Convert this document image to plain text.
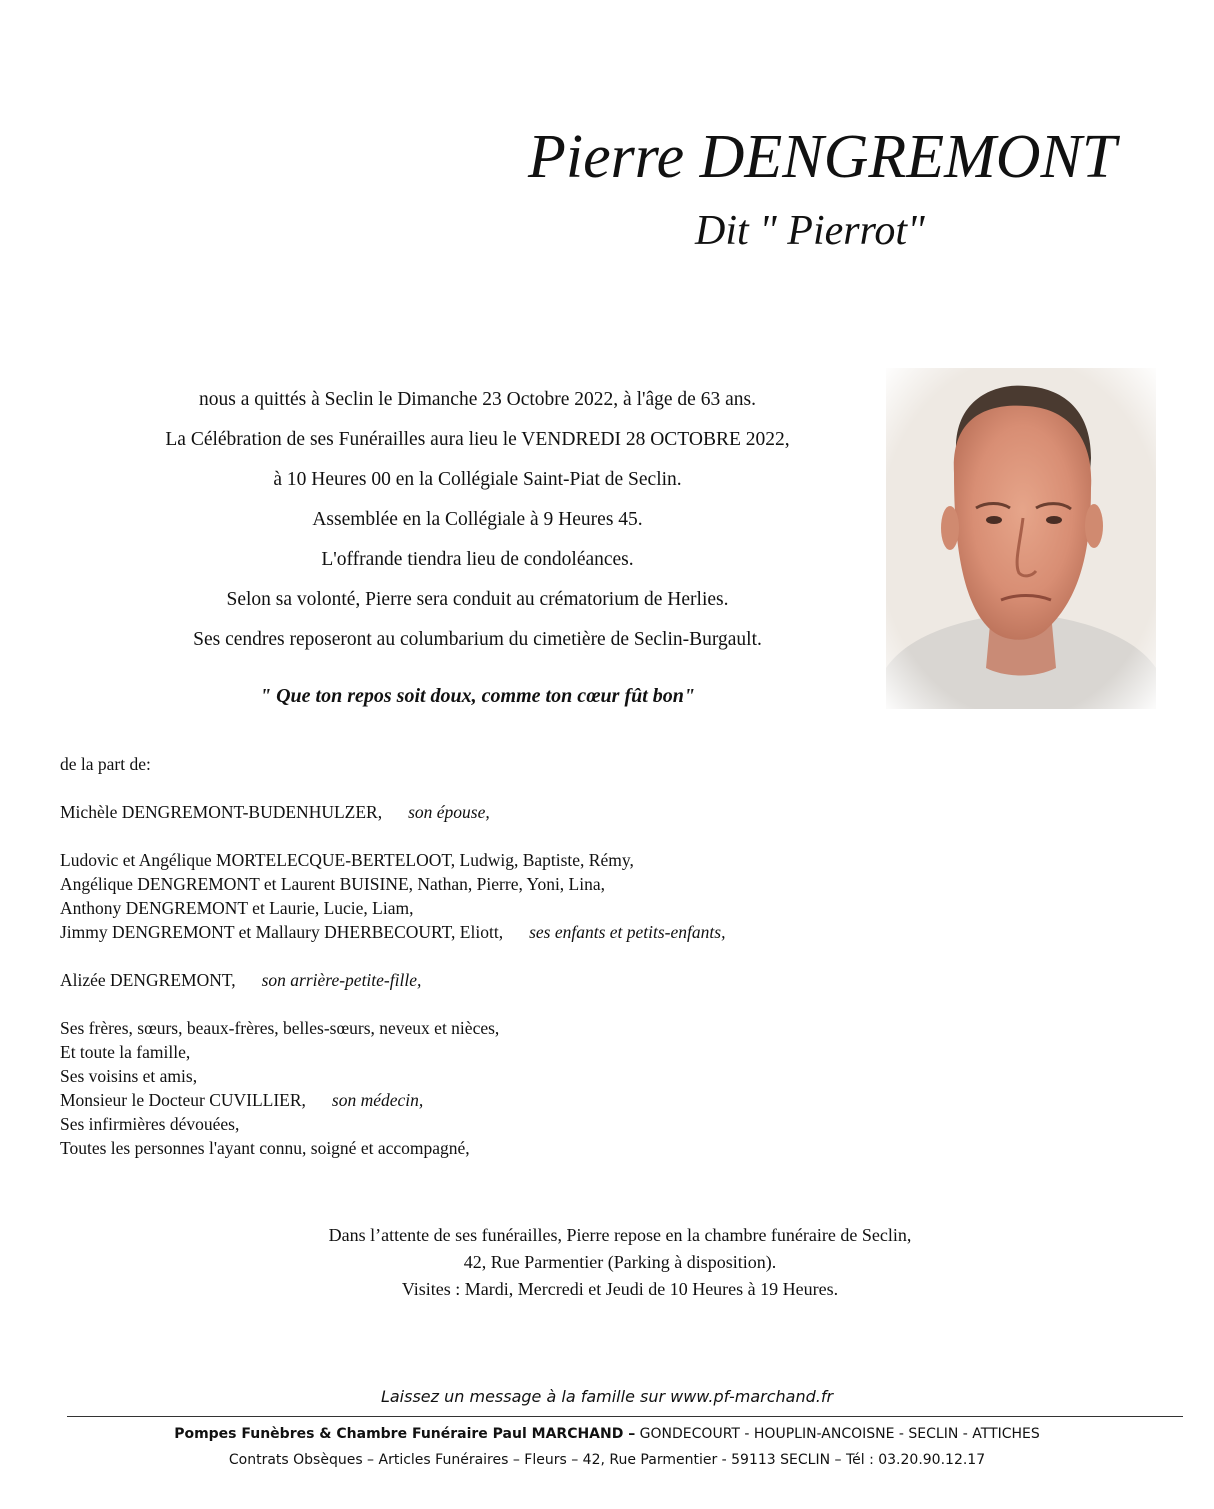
Pierre DENGREMONT
Dit " Pierrot"
nous a quittés à Seclin le Dimanche 23 Octobre 2022, à l'âge de 63 ans.
La Célébration de ses Funérailles aura lieu le VENDREDI 28 OCTOBRE 2022,
à 10 Heures 00 en la Collégiale Saint-Piat de Seclin.
Assemblée en la Collégiale à 9 Heures 45.
L'offrande tiendra lieu de condoléances.
Selon sa volonté, Pierre sera conduit au crématorium de Herlies.
Ses cendres reposeront au columbarium du cimetière de Seclin-Burgault.
" Que ton repos soit doux, comme ton cœur fût bon"
de la part de:
Michèle DENGREMONT-BUDENHULZER, son épouse,
Ludovic et Angélique MORTELECQUE-BERTELOOT, Ludwig, Baptiste, Rémy,
Angélique DENGREMONT et Laurent BUISINE, Nathan, Pierre, Yoni, Lina,
Anthony DENGREMONT et Laurie, Lucie, Liam,
Jimmy DENGREMONT et Mallaury DHERBECOURT, Eliott, ses enfants et petits-enfants,
Alizée DENGREMONT, son arrière-petite-fille,
Ses frères, sœurs, beaux-frères, belles-sœurs, neveux et nièces,
Et toute la famille,
Ses voisins et amis,
Monsieur le Docteur CUVILLIER, son médecin,
Ses infirmières dévouées,
Toutes les personnes l'ayant connu, soigné et accompagné,
Dans l’attente de ses funérailles, Pierre repose en la chambre funéraire de Seclin,
42, Rue Parmentier (Parking à disposition).
Visites : Mardi, Mercredi et Jeudi de 10 Heures à 19 Heures.
Laissez un message à la famille sur www.pf-marchand.fr
Pompes Funèbres & Chambre Funéraire Paul MARCHAND – GONDECOURT - HOUPLIN-ANCOISNE - SECLIN - ATTICHES
Contrats Obsèques – Articles Funéraires – Fleurs – 42, Rue Parmentier - 59113 SECLIN – Tél : 03.20.90.12.17
